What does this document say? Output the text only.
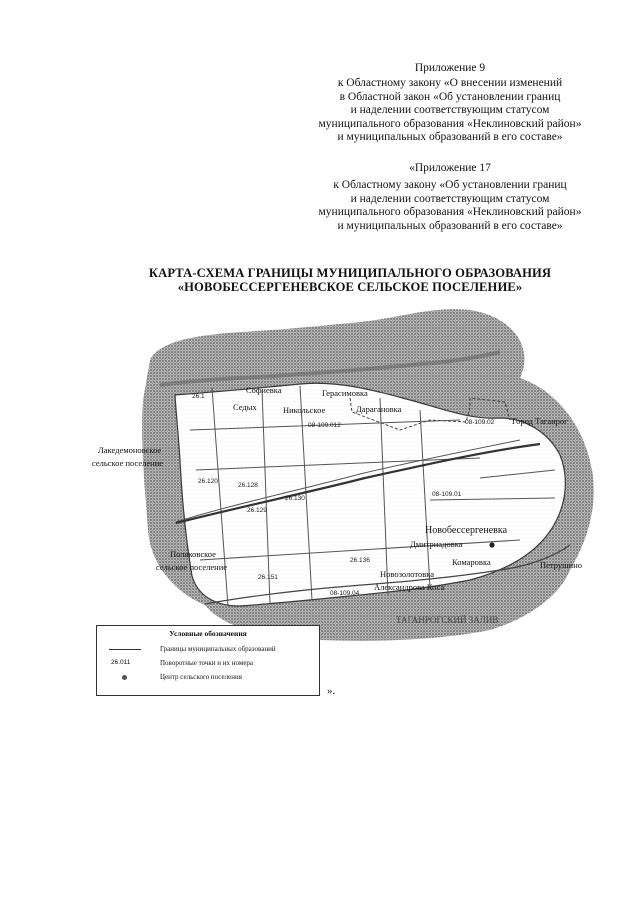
Приложение 9
к Областному закону «О внесении изменений
в Областной закон «Об установлении границ
и наделении соответствующим статусом
муниципального образования «Неклиновский район»
и муниципальных образований в его составе»
«Приложение 17
к Областному закону «Об установлении границ
и наделении соответствующим статусом
муниципального образования «Неклиновский район»
и муниципальных образований в его составе»
КАРТА-СХЕМА ГРАНИЦЫ МУНИЦИПАЛЬНОГО ОБРАЗОВАНИЯ
«НОВОБЕССЕРГЕНЕВСКОЕ СЕЛЬСКОЕ ПОСЕЛЕНИЕ»
Софиевка	Герасимовка
Седых	Никольское	Дарагановка
Город Таганрог
Лакедемоновское
сельское поселение
Поляковское
сельское поселение
Новобессергеневка
Дмитриадовка
Комаровка	Петрушино
Новозолотовка
Александрова Коса
ТАГАНРОГСКИЙ ЗАЛИВ
26.1
26.120
26.128
26.130
26.129
26.151
26.136
08-109.012
08-109.01
08-109.04
08-109.02
Условные обозначения
Границы муниципальных образований
26.011	Поворотные точки и их номера
Центр сельского поселения
».
